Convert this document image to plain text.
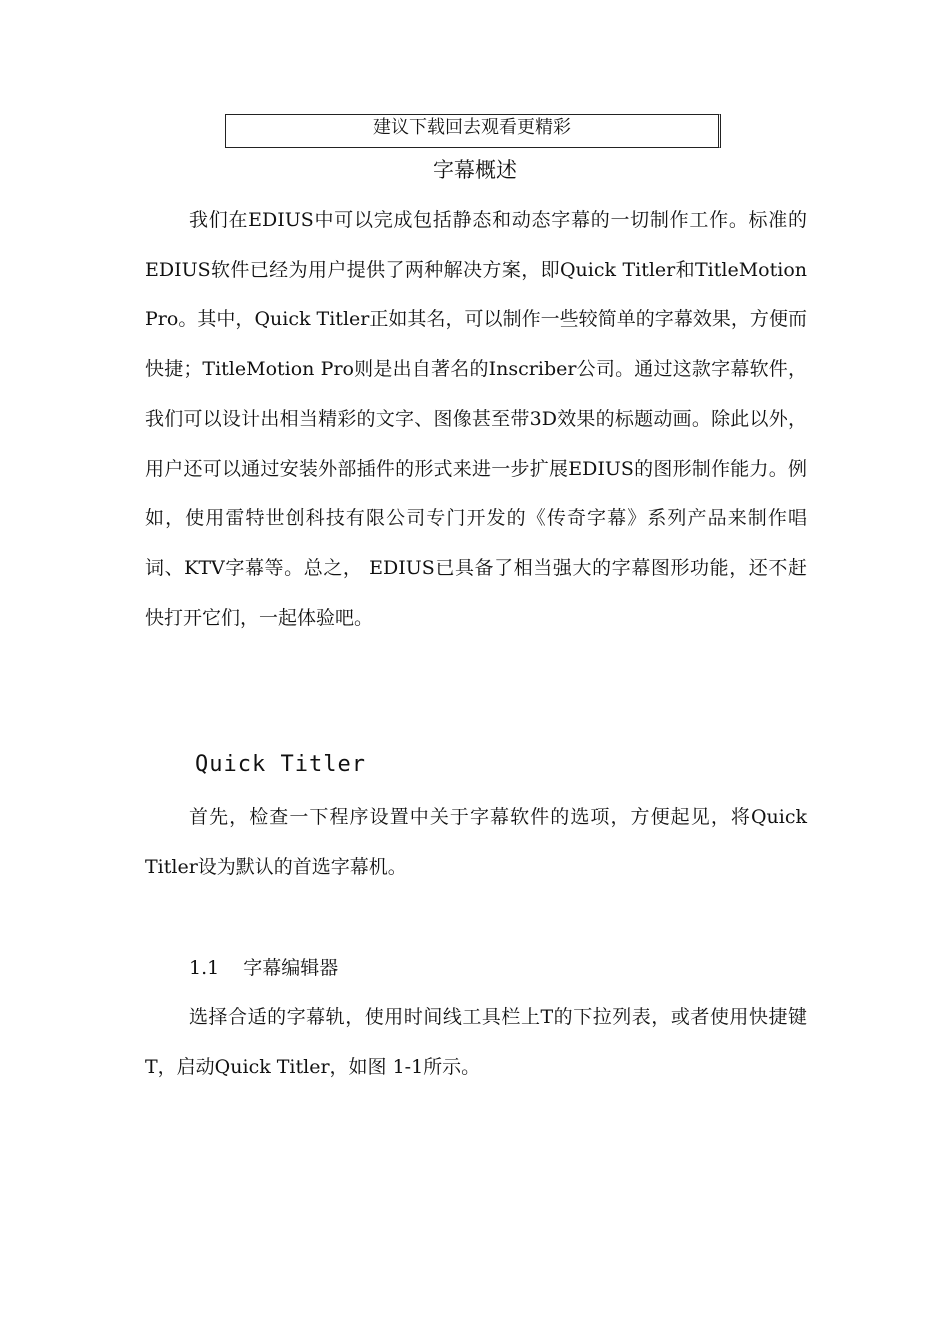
建议下载回去观看更精彩
字幕概述

我们在EDIUS中可以完成包括静态和动态字幕的一切制作工作。标准的EDIUS软件已经为用户提供了两种解决方案，即Quick Titler和TitleMotion Pro。其中，Quick Titler正如其名，可以制作一些较简单的字幕效果，方便而快捷；TitleMotion Pro则是出自著名的Inscriber公司。通过这款字幕软件，我们可以设计出相当精彩的文字、图像甚至带3D效果的标题动画。除此以外，用户还可以通过安装外部插件的形式来进一步扩展EDIUS的图形制作能力。例如，使用雷特世创科技有限公司专门开发的《传奇字幕》系列产品来制作唱词、KTV字幕等。总之， EDIUS已具备了相当强大的字幕图形功能，还不赶快打开它们，一起体验吧。

Quick Titler

首先，检查一下程序设置中关于字幕软件的选项，方便起见，将Quick Titler设为默认的首选字幕机。

1.1 字幕编辑器

选择合适的字幕轨，使用时间线工具栏上T的下拉列表，或者使用快捷键T，启动Quick Titler，如图 1-1所示。
